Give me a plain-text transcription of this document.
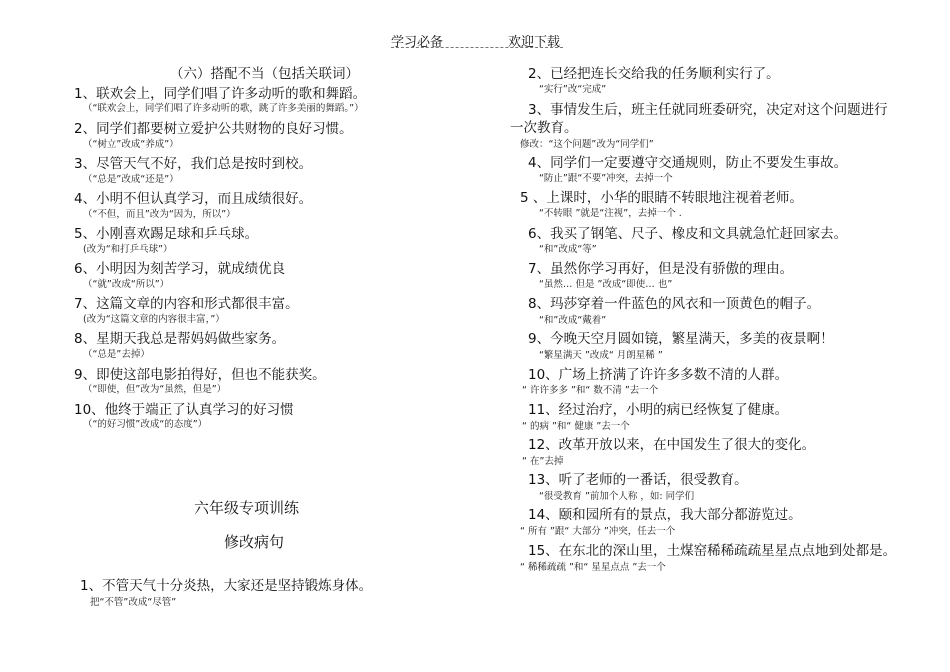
学习必备	欢迎下载
（六）搭配不当（包括关联词）
1、联欢会上，同学们唱了许多动听的歌和舞蹈。
（“联欢会上，同学们唱了许多动听的歌，跳了许多美丽的舞蹈。”）
2、同学们都要树立爱护公共财物的良好习惯。
（“树立”改成“养成”）
3、尽管天气不好，我们总是按时到校。
（“总是”改成“还是”）
4、小明不但认真学习，而且成绩很好。
（“不但，而且”改为“因为，所以”）
5、小刚喜欢踢足球和乒乓球。
(改为“和打乒乓球”）
6、小明因为刻苦学习，就成绩优良
（“就”改成“所以”）
7、这篇文章的内容和形式都很丰富。
(改为“这篇文章的内容很丰富，”）
8、星期天我总是帮妈妈做些家务。
（“总是”去掉）
9、即使这部电影拍得好，但也不能获奖。
（“即使，但”改为“虽然，但是”）
10、他终于端正了认真学习的好习惯
（“的好习惯”改成“的态度”）
六年级专项训练
修改病句
1、不管天气十分炎热，大家还是坚持锻炼身体。
把“不管”改成“尽管”
2、已经把连长交给我的任务顺利实行了。
“实行”改“完成”
3、事情发生后，班主任就同班委研究，决定对这个问题进行
一次教育。
修改：“这个问题”改为“同学们”
4、同学们一定要遵守交通规则，防止不要发生事故。
“防止”跟“不要”冲突，去掉一个
5 、上课时，小华的眼睛不转眼地注视着老师。
“不转眼 ”就是“注视”，去掉一个 .
6、我买了钢笔、尺子、橡皮和文具就急忙赶回家去。
“和”改成“等”
7、虽然你学习再好，但是没有骄傲的理由。
“虽然… 但是 ”改成“即使… 也”
8、玛莎穿着一件蓝色的风衣和一顶黄色的帽子。
“和”改成“戴着”
9、今晚天空月圆如镜，繁星满天，多美的夜景啊！
“繁星满天 ”改成“ 月朗星稀 ”
10、广场上挤满了许许多多数不清的人群。
“ 许许多多 ”和“ 数不清 ”去一个
11、经过治疗，小明的病已经恢复了健康。
“ 的病 ”和“ 健康 ”去一个
12、改革开放以来，在中国发生了很大的变化。
“ 在”去掉
13、听了老师的一番话，很受教育。
“很受教育 ”前加个人称 ，如: 同学们
14、颐和园所有的景点，我大部分都游览过。
“ 所有 ”跟“ 大部分 ”冲突，任去一个
15、在东北的深山里，土煤窑稀稀疏疏星星点点地到处都是。
“ 稀稀疏疏 ”和“ 星星点点 ”去一个
